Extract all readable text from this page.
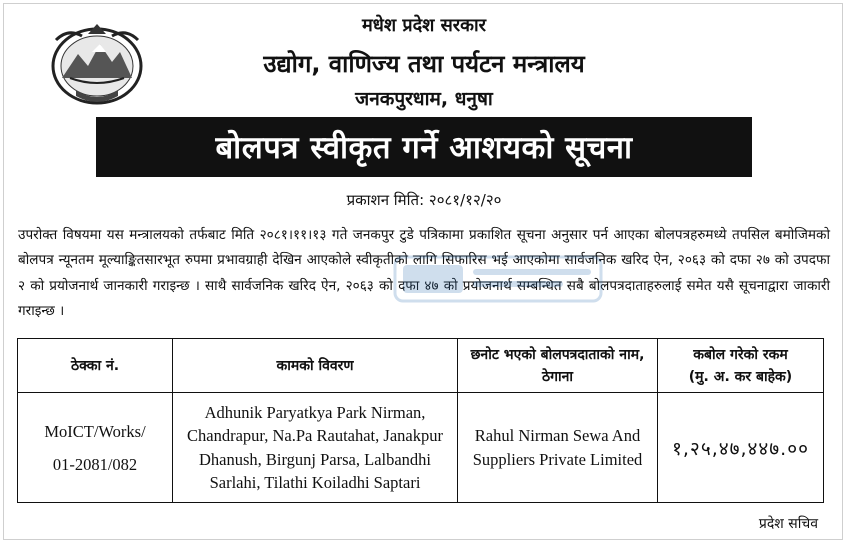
मधेश प्रदेश सरकार
उद्योग, वाणिज्य तथा पर्यटन मन्त्रालय
जनकपुरधाम, धनुषा
बोलपत्र स्वीकृत गर्ने आशयको सूचना
प्रकाशन मिति: २०८१/१२/२०
उपरोक्त विषयमा यस मन्त्रालयको तर्फबाट मिति २०८१।११।१३ गते जनकपुर टुडे पत्रिकामा प्रकाशित सूचना अनुसार पर्न आएका बोलपत्रहरुमध्ये तपसिल बमोजिमको बोलपत्र न्यूनतम मूल्याङ्कितसारभूत रुपमा प्रभावग्राही देखिन आएकोले स्वीकृतीको लागि सिफारिस भई आएकोमा सार्वजनिक खरिद ऐन, २०६३ को दफा २७ को उपदफा २ को प्रयोजनार्थ जानकारी गराइन्छ । साथै सार्वजनिक खरिद ऐन, २०६३ को दफा ४७ को प्रयोजनार्थ सम्बन्धित सबै बोलपत्रदाताहरुलाई समेत यसै सूचनाद्वारा जाकारी गराइन्छ ।
ठेक्का नं.	कामको विवरण	छनोट भएको बोलपत्रदाताको नाम, ठेगाना	कबोल गरेको रकम
(मु. अ. कर बाहेक)

MoICT/Works/
01-2081/082	Adhunik Paryatkya Park Nirman, Chandrapur, Na.Pa Rautahat, Janakpur Dhanush, Birgunj Parsa, Lalbandhi Sarlahi, Tilathi Koiladhi Saptari	Rahul Nirman Sewa And Suppliers Private Limited	१,२५,४७,४४७.००
प्रदेश सचिव
